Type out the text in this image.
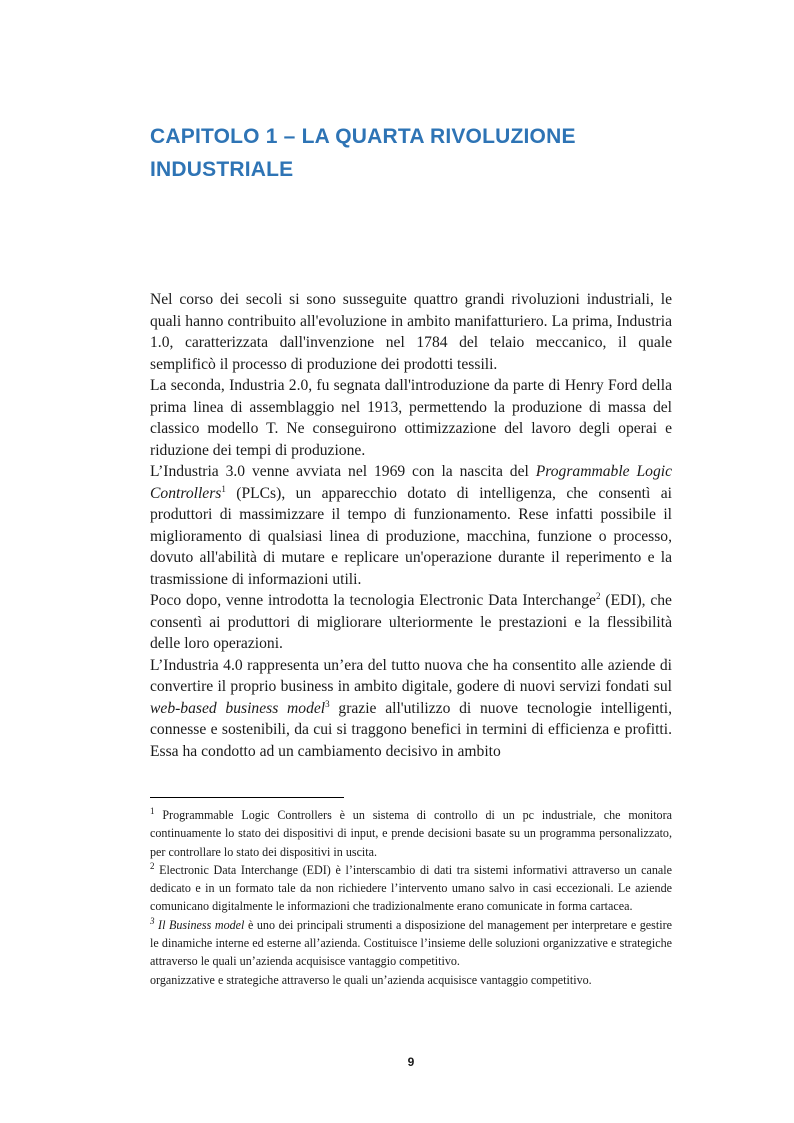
CAPITOLO 1 – LA QUARTA RIVOLUZIONE INDUSTRIALE

Nel corso dei secoli si sono susseguite quattro grandi rivoluzioni industriali, le quali hanno contribuito all'evoluzione in ambito manifatturiero. La prima, Industria 1.0, caratterizzata dall'invenzione nel 1784 del telaio meccanico, il quale semplificò il processo di produzione dei prodotti tessili.

La seconda, Industria 2.0, fu segnata dall'introduzione da parte di Henry Ford della prima linea di assemblaggio nel 1913, permettendo la produzione di massa del classico modello T. Ne conseguirono ottimizzazione del lavoro degli operai e riduzione dei tempi di produzione.

L’Industria 3.0 venne avviata nel 1969 con la nascita del Programmable Logic Controllers$^1$ (PLCs), un apparecchio dotato di intelligenza, che consentì ai produttori di massimizzare il tempo di funzionamento. Rese infatti possibile il miglioramento di qualsiasi linea di produzione, macchina, funzione o processo, dovuto all'abilità di mutare e replicare un'operazione durante il reperimento e la trasmissione di informazioni utili.

Poco dopo, venne introdotta la tecnologia Electronic Data Interchange$^2$ (EDI), che consentì ai produttori di migliorare ulteriormente le prestazioni e la flessibilità delle loro operazioni.

L’Industria 4.0 rappresenta un’era del tutto nuova che ha consentito alle aziende di convertire il proprio business in ambito digitale, godere di nuovi servizi fondati sul web-based business model$^3$ grazie all'utilizzo di nuove tecnologie intelligenti, connesse e sostenibili, da cui si traggono benefici in termini di efficienza e profitti. Essa ha condotto ad un cambiamento decisivo in ambito

$^1$ Programmable Logic Controllers è un sistema di controllo di un pc industriale, che monitora continuamente lo stato dei dispositivi di input, e prende decisioni basate su un programma personalizzato, per controllare lo stato dei dispositivi in uscita.

$^2$ Electronic Data Interchange (EDI) è l’interscambio di dati tra sistemi informativi attraverso un canale dedicato e in un formato tale da non richiedere l’intervento umano salvo in casi eccezionali. Le aziende comunicano digitalmente le informazioni che tradizionalmente erano comunicate in forma cartacea.

$^3$ Il Business model è uno dei principali strumenti a disposizione del management per interpretare e gestire le dinamiche interne ed esterne all’azienda. Costituisce l’insieme delle soluzioni organizzative e strategiche attraverso le quali un’azienda acquisisce vantaggio competitivo.

organizzative e strategiche attraverso le quali un’azienda acquisisce vantaggio competitivo.

9
